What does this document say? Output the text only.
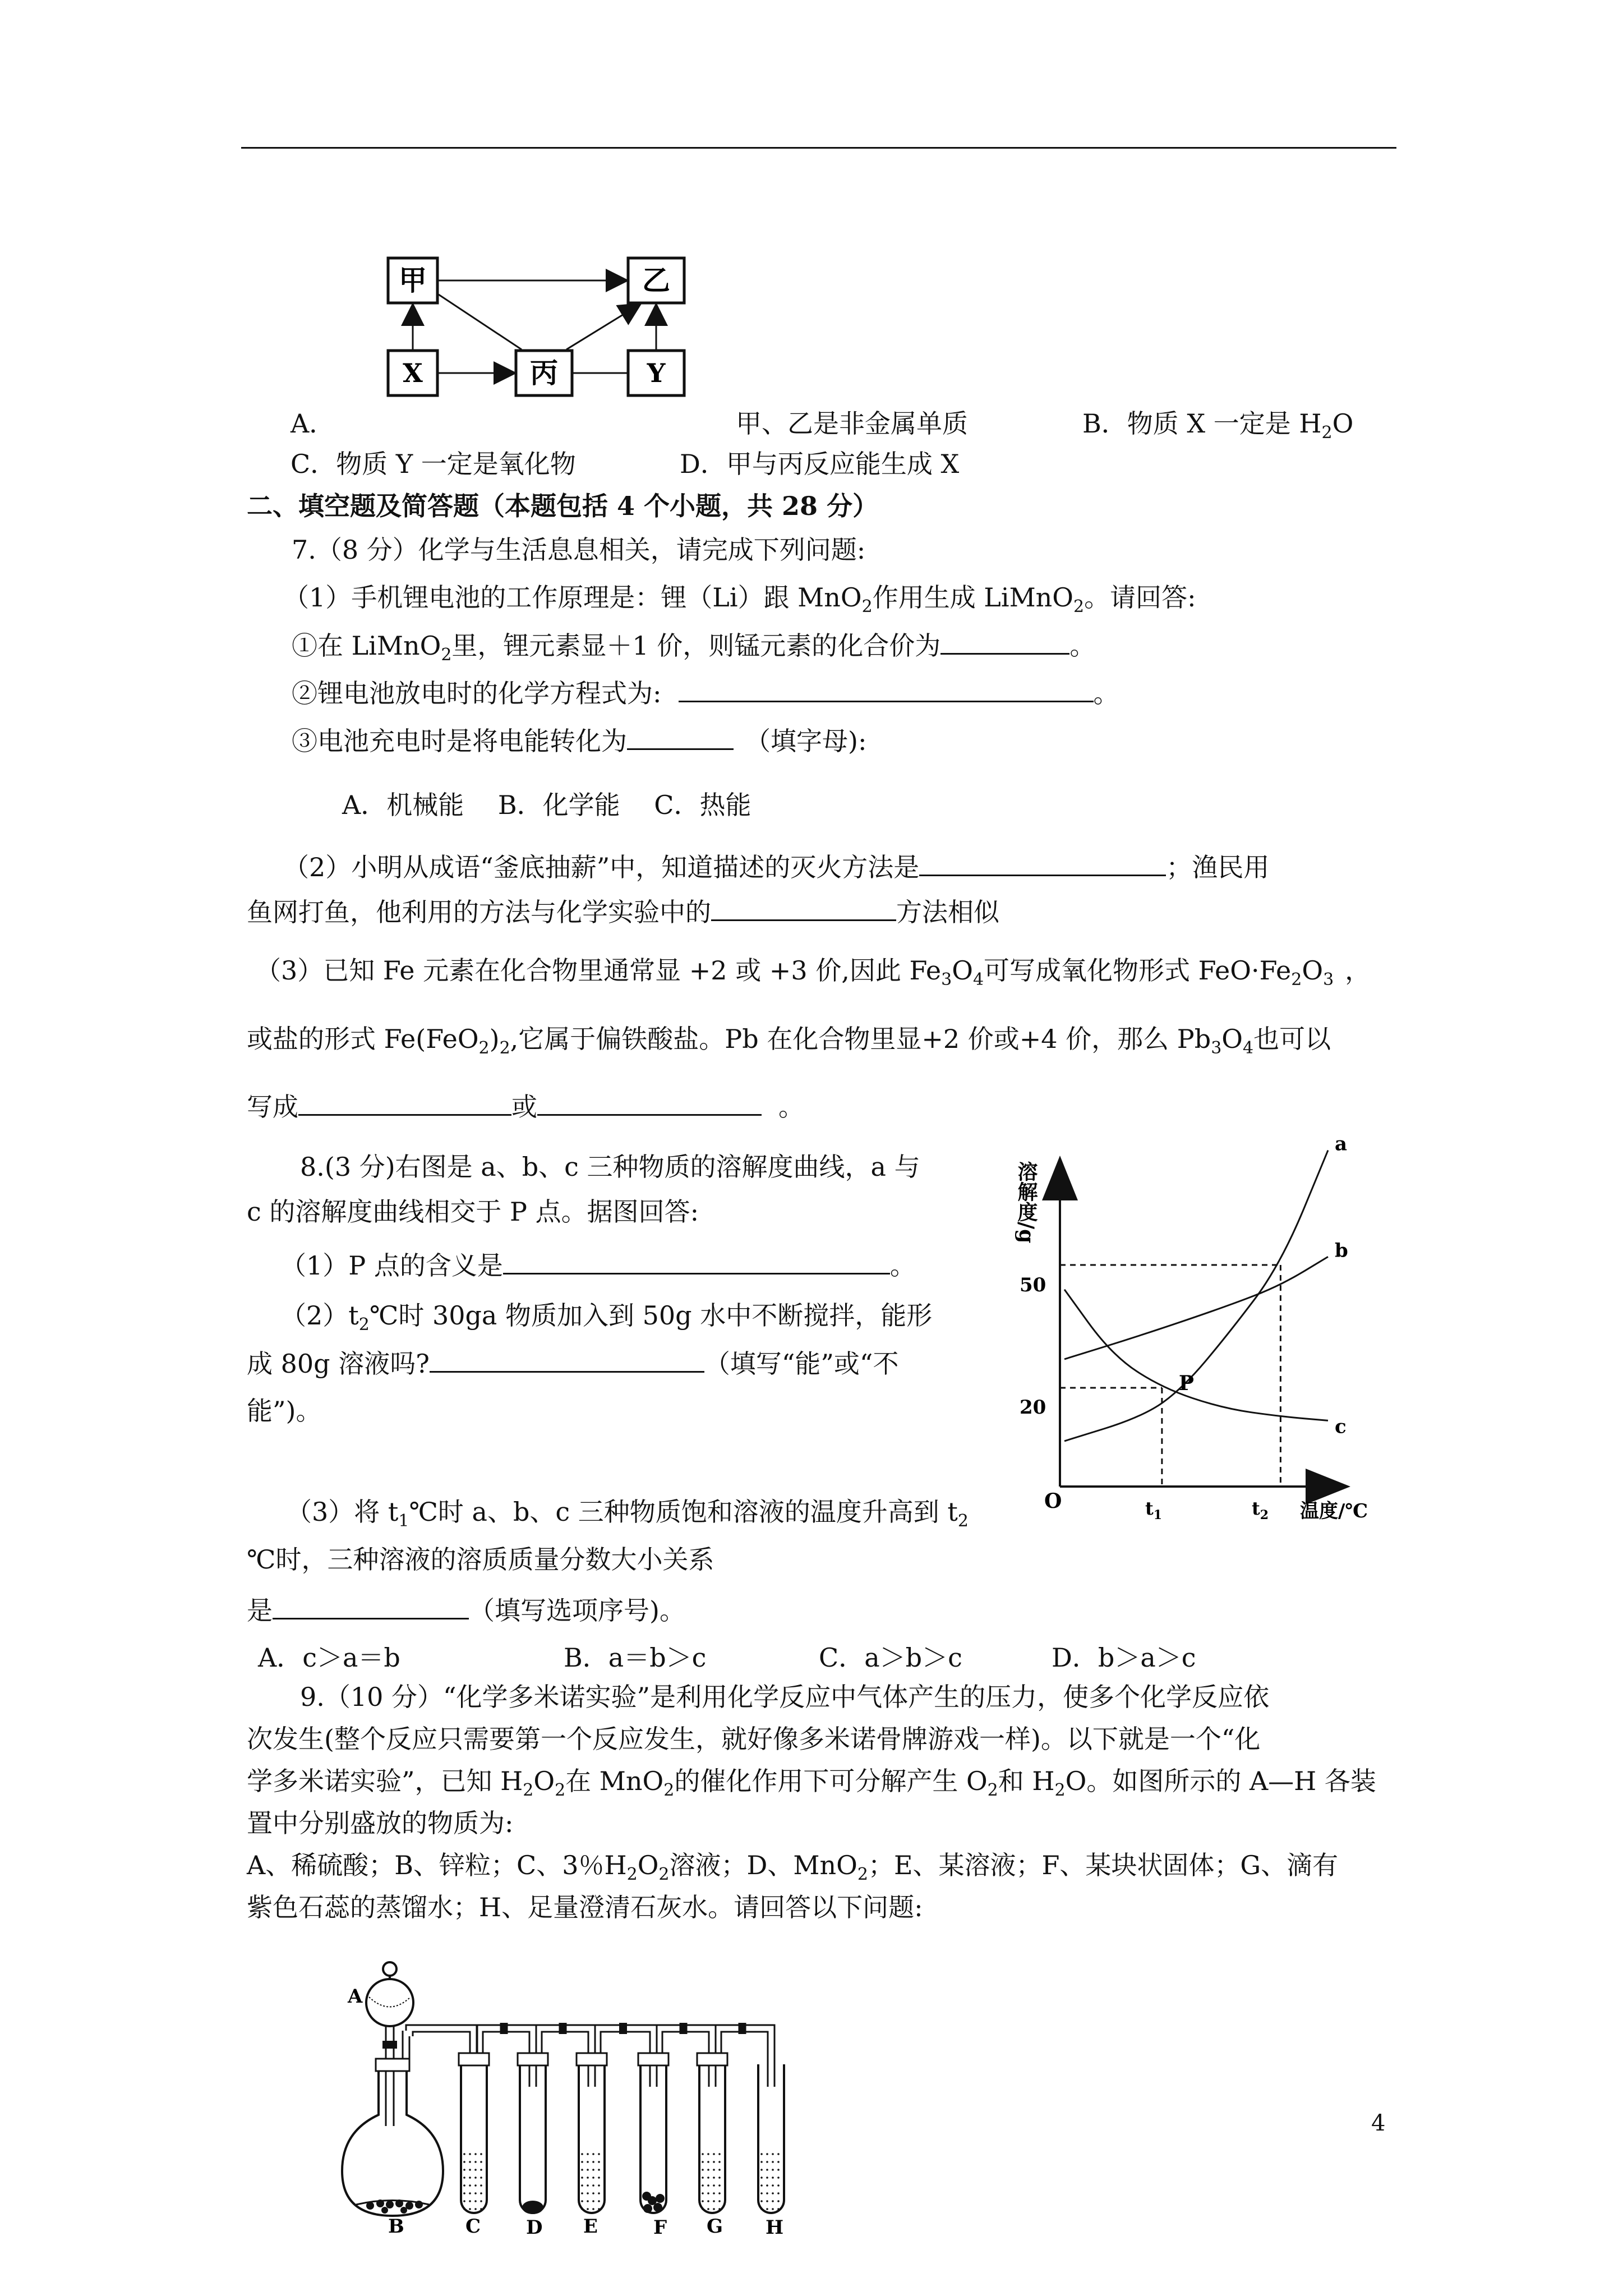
甲	乙
X	丙	Y
A．	甲、乙是非金属单质	B．物质 X 一定是 $H_2O$
C．物质 Y 一定是氧化物	D．甲与丙反应能生成 X
二、填空题及简答题（本题包括 4 个小题，共 28 分）
7.（8 分）化学与生活息息相关，请完成下列问题:
（1）手机锂电池的工作原理是：锂（Li）跟 MnO$_2$作用生成 LiMnO$_2$。请回答:
①在 LiMnO$_2$里，锂元素显＋1 价，则锰元素的化合价为	。
②锂电池放电时的化学方程式为:	。
③电池充电时是将电能转化为	（填字母):
A．机械能　 B．化学能　 C．热能
（2）小明从成语“釜底抽薪”中，知道描述的灭火方法是	；渔民用
鱼网打鱼，他利用的方法与化学实验中的	方法相似
（3）已知 Fe 元素在化合物里通常显 +2 或 +3 价,因此 $Fe_3O_4$可写成氧化物形式 $FeO\cdot Fe_2O_3$ ，
或盐的形式 $Fe(FeO_2)_2$,它属于偏铁酸盐。Pb 在化合物里显+2 价或+4 价，那么 $Pb_3O_4$也可以
写成	或	。
8.(3 分)右图是 a、b、c 三种物质的溶解度曲线，a 与
c 的溶解度曲线相交于 P 点。据图回答:
（1）P 点的含义是	。
$(2)t_2℃$时 30ga 物质加入到 50g 水中不断搅拌，能形
成 80g 溶液吗?	（填写“能”或“不
能”)。
（3）将 $t_1℃$时 a、b、c 三种物质饱和溶液的温度升高到 $t_2$
℃时，三种溶液的溶质质量分数大小关系
是	（填写选项序号)。
A．c＞a＝b	B．a＝b＞c	C．a＞b＞c	D．b＞a＞c
溶解度/g
温度/℃
O
50
20
$t_1$	$t_2$
a
b
c
P
9.（10 分）“化学多米诺实验”是利用化学反应中气体产生的压力，使多个化学反应依
次发生(整个反应只需要第一个反应发生，就好像多米诺骨牌游戏一样)。以下就是一个“化
学多米诺实验”，已知 $H_2O_2$在 MnO$_2$的催化作用下可分解产生 $O_2$和 $H_2O$。如图所示的 A—H 各装
置中分别盛放的物质为:
A、稀硫酸；B、锌粒；C、3％$H_2O_2$溶液；D、MnO$_2$；E、某溶液；F、某块状固体；G、滴有
紫色石蕊的蒸馏水；H、足量澄清石灰水。请回答以下问题:
A
B	C D E	F G H
4
